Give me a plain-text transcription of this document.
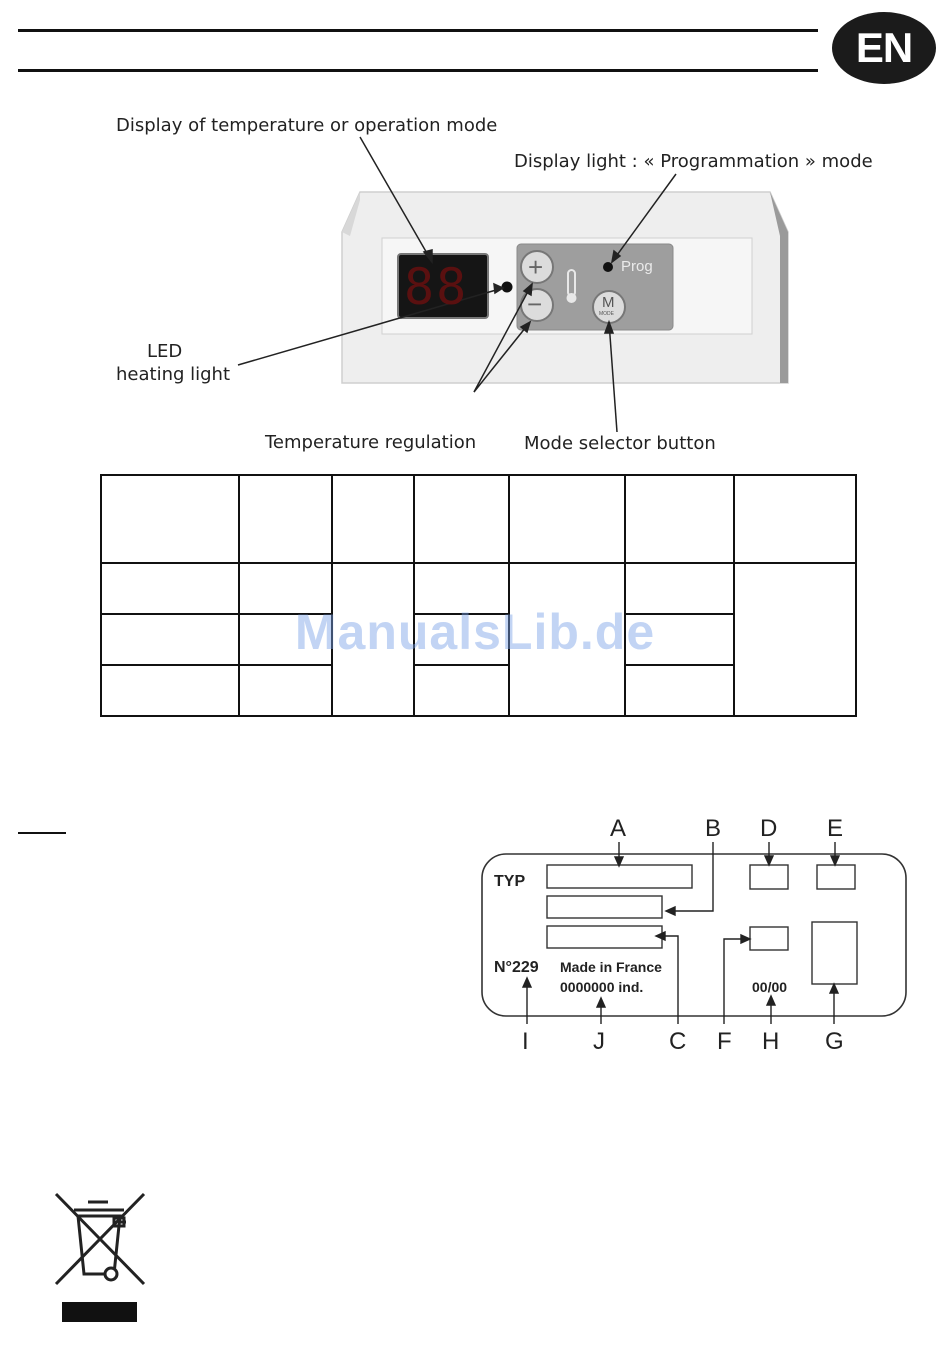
EN
88 +
−
Prog
M
MODE
Display of temperature or operation mode
Display light : « Programmation » mode
LED
heating light
Temperature regulation	Mode selector button

ManualsLib.de
A	B D E
I	J	C F H G
TYP
N°229 Made in France
0000000 ind.	00/00
